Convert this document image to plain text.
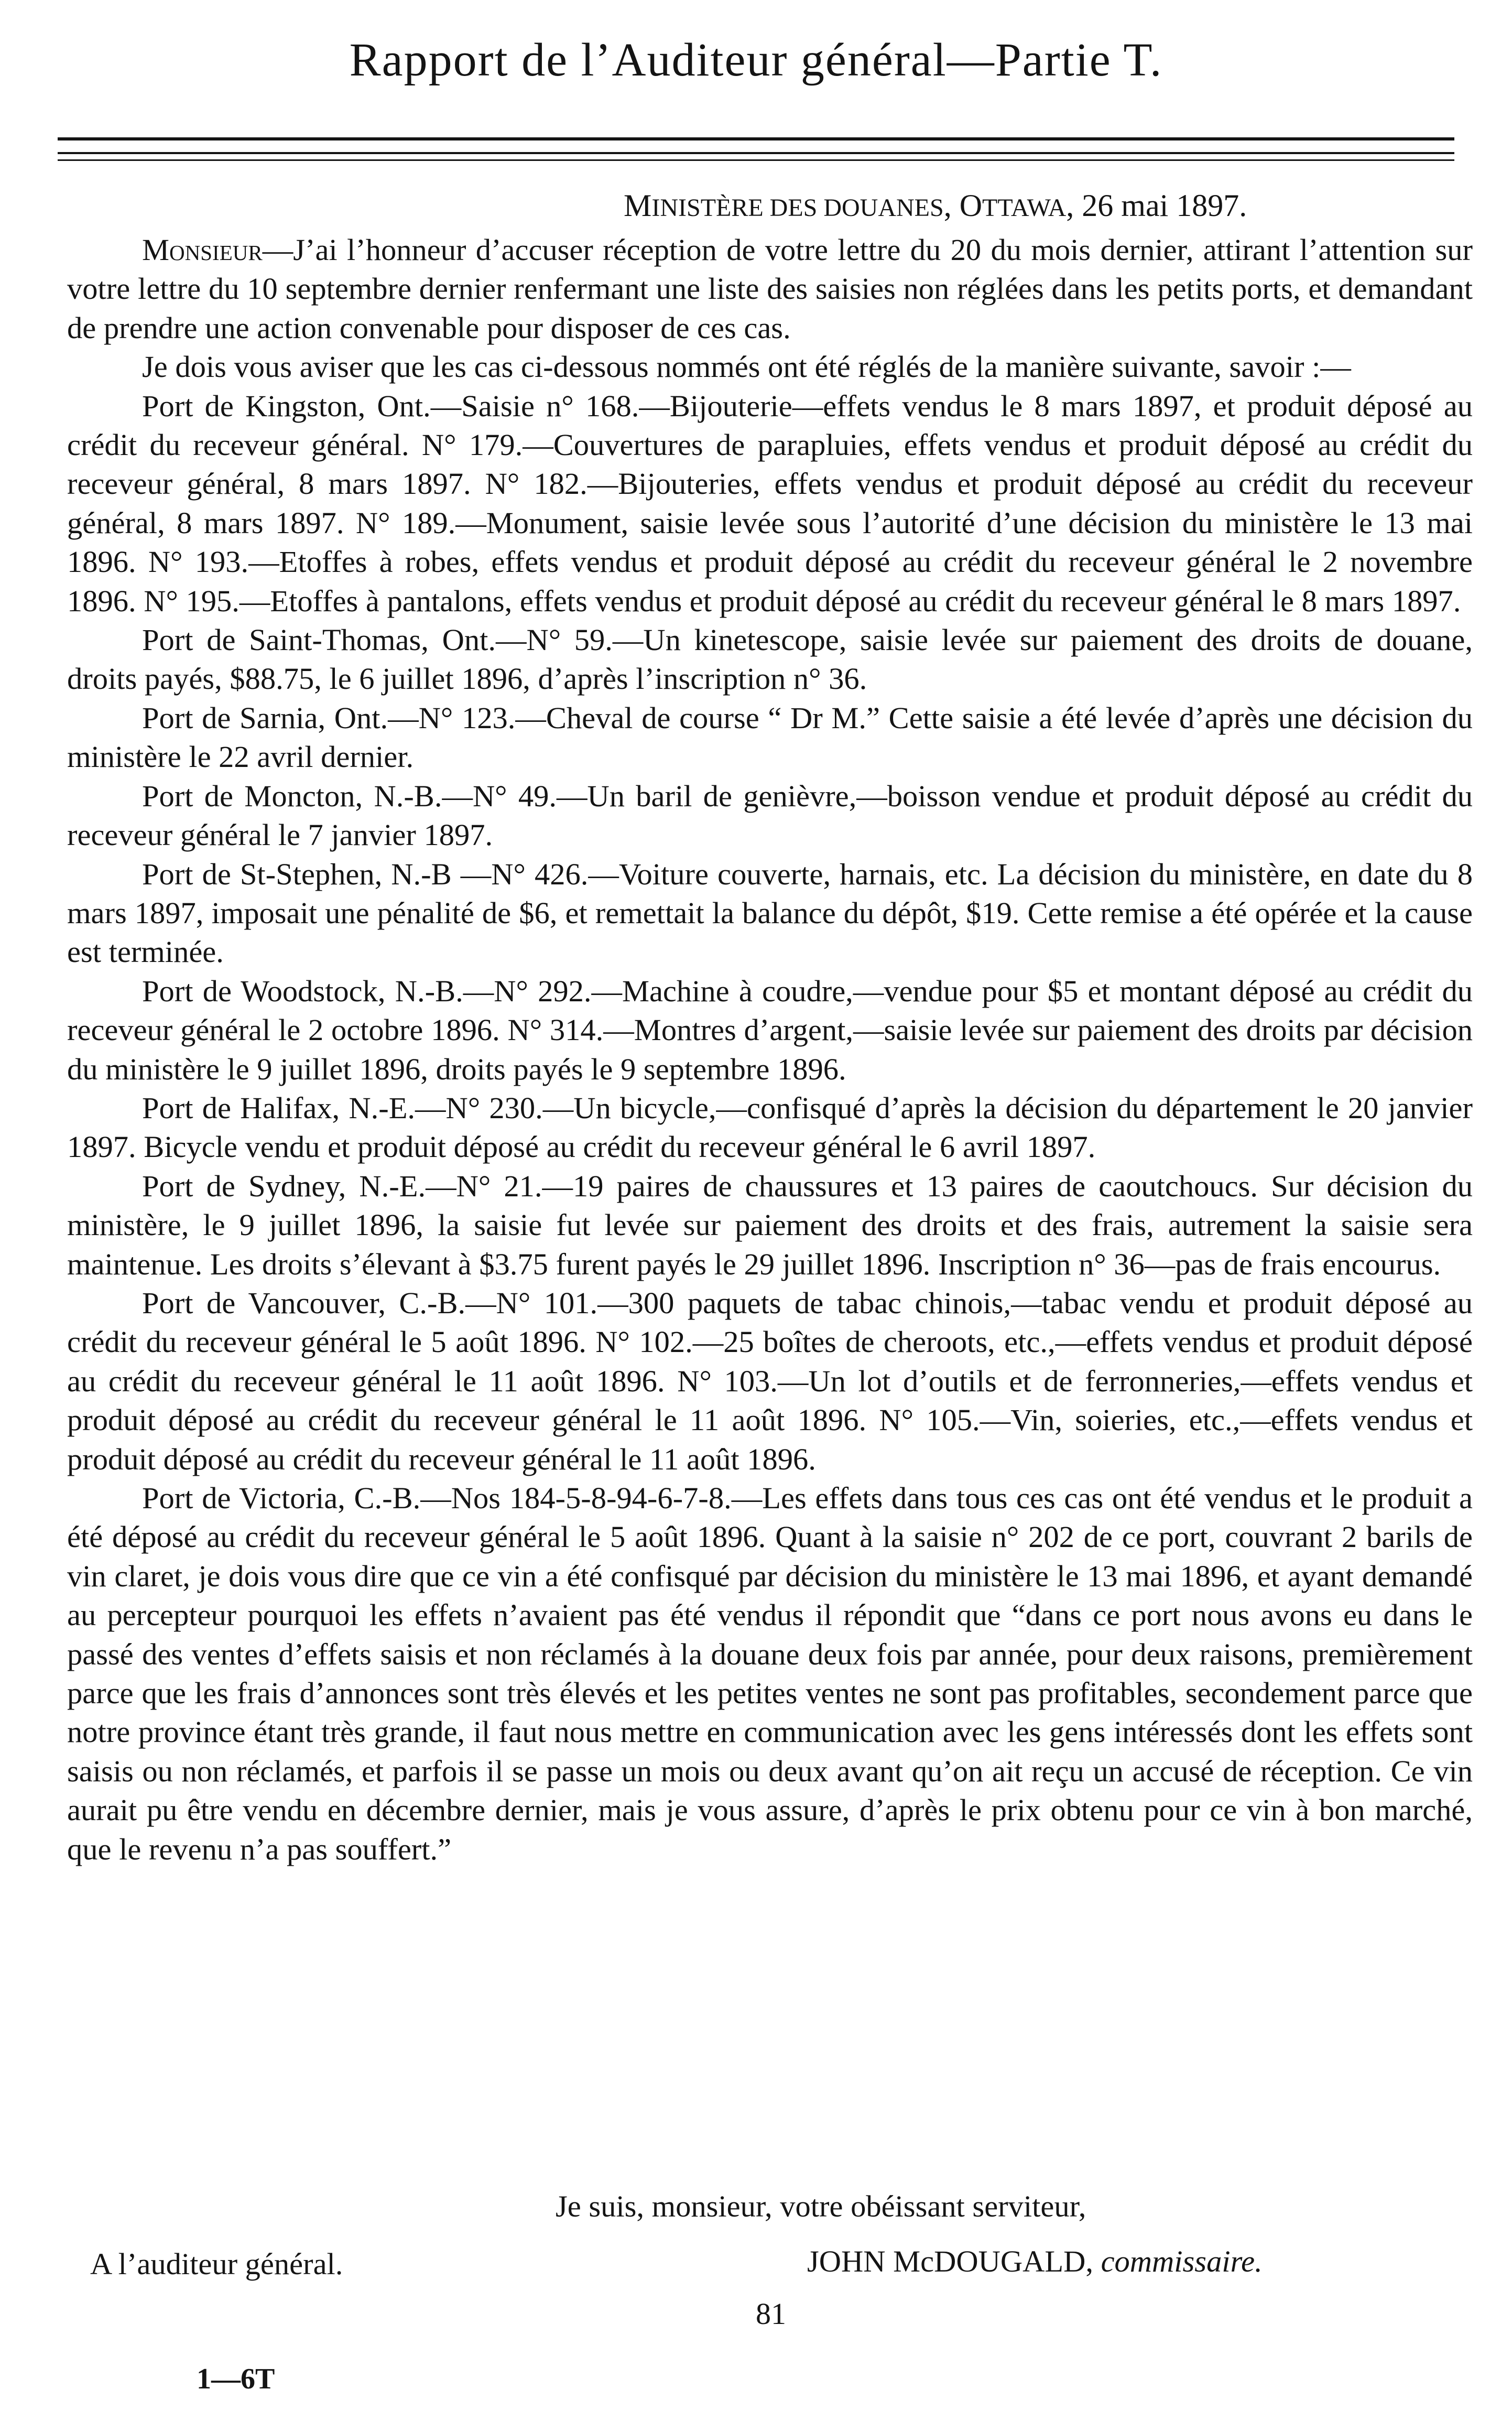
Rapport de l’Auditeur général—Partie T.
MINISTÈRE DES DOUANES, OTTAWA, 26 mai 1897.

Monsieur—J’ai l’honneur d’accuser réception de votre lettre du 20 du mois dernier, attirant l’attention sur votre lettre du 10 septembre dernier renfermant une liste des saisies non réglées dans les petits ports, et demandant de prendre une action convenable pour disposer de ces cas.

Je dois vous aviser que les cas ci-dessous nommés ont été réglés de la manière suivante, savoir :—

Port de Kingston, Ont.—Saisie n° 168.—Bijouterie—effets vendus le 8 mars 1897, et produit déposé au crédit du receveur général. N° 179.—Couvertures de parapluies, effets vendus et produit déposé au crédit du receveur général, 8 mars 1897. N° 182.—Bijouteries, effets vendus et produit déposé au crédit du receveur général, 8 mars 1897. N° 189.—Monument, saisie levée sous l’autorité d’une décision du ministère le 13 mai 1896. N° 193.—Etoffes à robes, effets vendus et produit déposé au crédit du receveur général le 2 novembre 1896. N° 195.—Etoffes à pantalons, effets vendus et produit déposé au crédit du receveur général le 8 mars 1897.

Port de Saint-Thomas, Ont.—N° 59.—Un kinetescope, saisie levée sur paiement des droits de douane, droits payés, $88.75, le 6 juillet 1896, d’après l’inscription n° 36.

Port de Sarnia, Ont.—N° 123.—Cheval de course “ Dr M.” Cette saisie a été levée d’après une décision du ministère le 22 avril dernier.

Port de Moncton, N.-B.—N° 49.—Un baril de genièvre,—boisson vendue et produit déposé au crédit du receveur général le 7 janvier 1897.

Port de St-Stephen, N.-B —N° 426.—Voiture couverte, harnais, etc. La décision du ministère, en date du 8 mars 1897, imposait une pénalité de $6, et remettait la balance du dépôt, $19. Cette remise a été opérée et la cause est terminée.

Port de Woodstock, N.-B.—N° 292.—Machine à coudre,—vendue pour $5 et montant déposé au crédit du receveur général le 2 octobre 1896. N° 314.—Montres d’argent,—saisie levée sur paiement des droits par décision du ministère le 9 juillet 1896, droits payés le 9 septembre 1896.

Port de Halifax, N.-E.—N° 230.—Un bicycle,—confisqué d’après la décision du département le 20 janvier 1897. Bicycle vendu et produit déposé au crédit du receveur général le 6 avril 1897.

Port de Sydney, N.-E.—N° 21.—19 paires de chaussures et 13 paires de caoutchoucs. Sur décision du ministère, le 9 juillet 1896, la saisie fut levée sur paiement des droits et des frais, autrement la saisie sera maintenue. Les droits s’élevant à $3.75 furent payés le 29 juillet 1896. Inscription n° 36—pas de frais encourus.

Port de Vancouver, C.-B.—N° 101.—300 paquets de tabac chinois,—tabac vendu et produit déposé au crédit du receveur général le 5 août 1896. N° 102.—25 boîtes de cheroots, etc.,—effets vendus et produit déposé au crédit du receveur général le 11 août 1896. N° 103.—Un lot d’outils et de ferronneries,—effets vendus et produit déposé au crédit du receveur général le 11 août 1896. N° 105.—Vin, soieries, etc.,—effets vendus et produit déposé au crédit du receveur général le 11 août 1896.

Port de Victoria, C.-B.—Nos 184-5-8-94-6-7-8.—Les effets dans tous ces cas ont été vendus et le produit a été déposé au crédit du receveur général le 5 août 1896. Quant à la saisie n° 202 de ce port, couvrant 2 barils de vin claret, je dois vous dire que ce vin a été confisqué par décision du ministère le 13 mai 1896, et ayant demandé au percepteur pourquoi les effets n’avaient pas été vendus il répondit que “dans ce port nous avons eu dans le passé des ventes d’effets saisis et non réclamés à la douane deux fois par année, pour deux raisons, premièrement parce que les frais d’annonces sont très élevés et les petites ventes ne sont pas profitables, secondement parce que notre province étant très grande, il faut nous mettre en communication avec les gens intéressés dont les effets sont saisis ou non réclamés, et parfois il se passe un mois ou deux avant qu’on ait reçu un accusé de réception. Ce vin aurait pu être vendu en décembre dernier, mais je vous assure, d’après le prix obtenu pour ce vin à bon marché, que le revenu n’a pas souffert.”

Je suis, monsieur, votre obéissant serviteur,
A l’auditeur général.	JOHN McDOUGALD, commissaire.
81
1—6T
